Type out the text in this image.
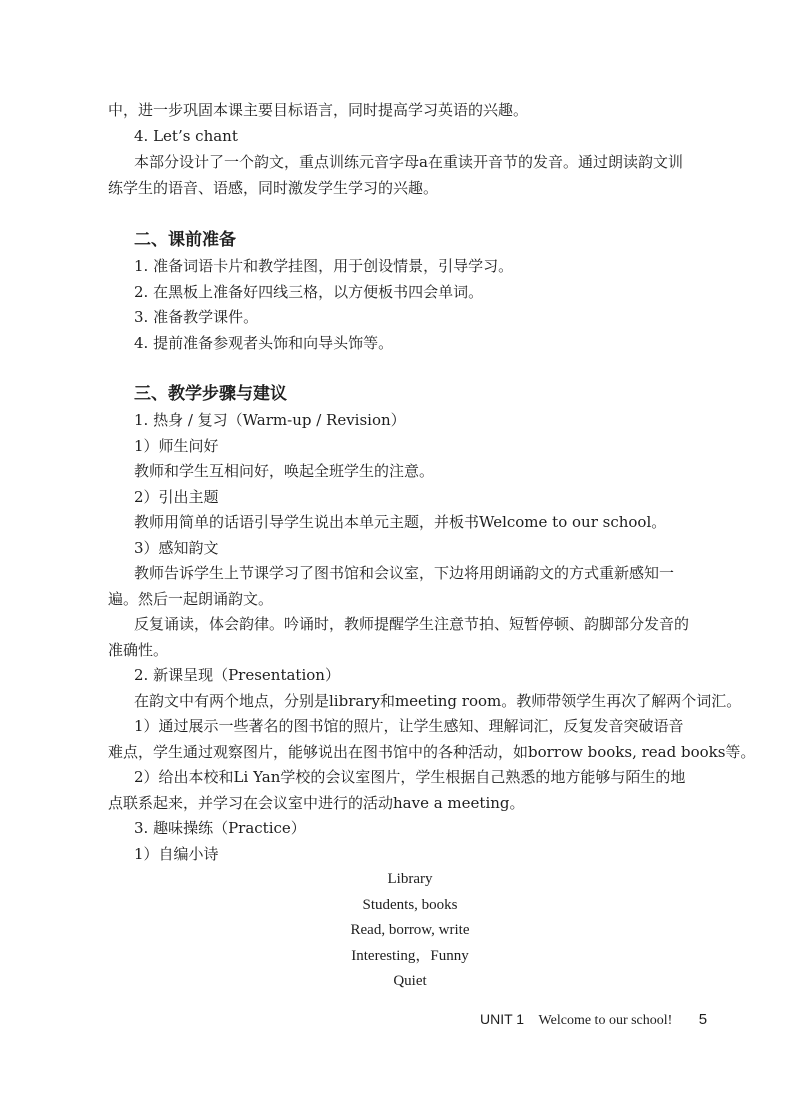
中，进一步巩固本课主要目标语言，同时提高学习英语的兴趣。
4. Let’s chant
本部分设计了一个韵文，重点训练元音字母a在重读开音节的发音。通过朗读韵文训
练学生的语音、语感，同时激发学生学习的兴趣。
二、课前准备
1. 准备词语卡片和教学挂图，用于创设情景，引导学习。
2. 在黑板上准备好四线三格，以方便板书四会单词。
3. 准备教学课件。
4. 提前准备参观者头饰和向导头饰等。
三、教学步骤与建议
1. 热身 / 复习（Warm-up / Revision）
1）师生问好
教师和学生互相问好，唤起全班学生的注意。
2）引出主题
教师用简单的话语引导学生说出本单元主题，并板书Welcome to our school。
3）感知韵文
教师告诉学生上节课学习了图书馆和会议室，下边将用朗诵韵文的方式重新感知一
遍。然后一起朗诵韵文。
反复诵读，体会韵律。吟诵时，教师提醒学生注意节拍、短暂停顿、韵脚部分发音的
准确性。
2. 新课呈现（Presentation）
在韵文中有两个地点，分别是library和meeting room。教师带领学生再次了解两个词汇。
1）通过展示一些著名的图书馆的照片，让学生感知、理解词汇，反复发音突破语音
难点，学生通过观察图片，能够说出在图书馆中的各种活动，如borrow books, read books等。
2）给出本校和Li Yan学校的会议室图片，学生根据自己熟悉的地方能够与陌生的地
点联系起来，并学习在会议室中进行的活动have a meeting。
3. 趣味操练（Practice）
1）自编小诗
Library
Students, books
Read, borrow, write
Interesting，Funny
Quiet
UNIT 1 Welcome to our school! 5
